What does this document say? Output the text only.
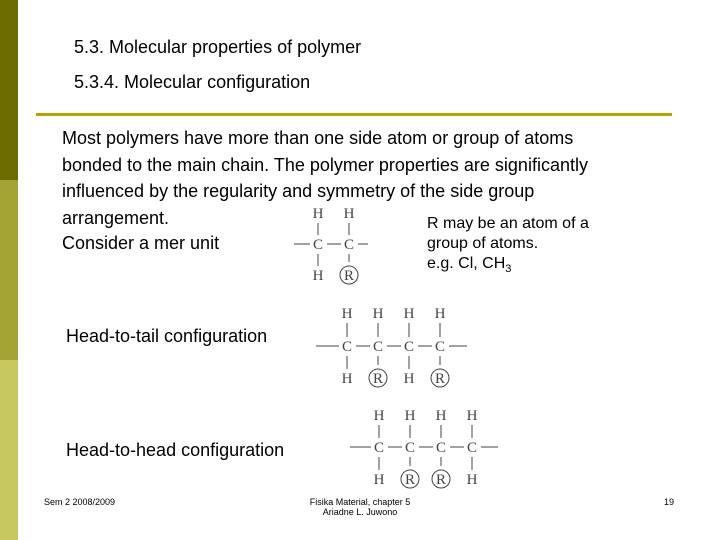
5.3. Molecular properties of polymer
5.3.4. Molecular configuration
Most polymers have more than one side atom or group of atoms
bonded to the main chain. The polymer properties are significantly
influenced by the regularity and symmetry of the side group
arrangement.
Consider a mer unit
R may be an atom of a
group of atoms.
e.g. Cl, $CH_3$
Head-to-tail configuration
Head-to-head configuration
H H
C C
H R
H H H H
C C C C
H R H R
H H H H
C C C C
H R R H
Sem 2 2008/2009	Fisika Material, chapter 5
Ariadne L. Juwono
19
